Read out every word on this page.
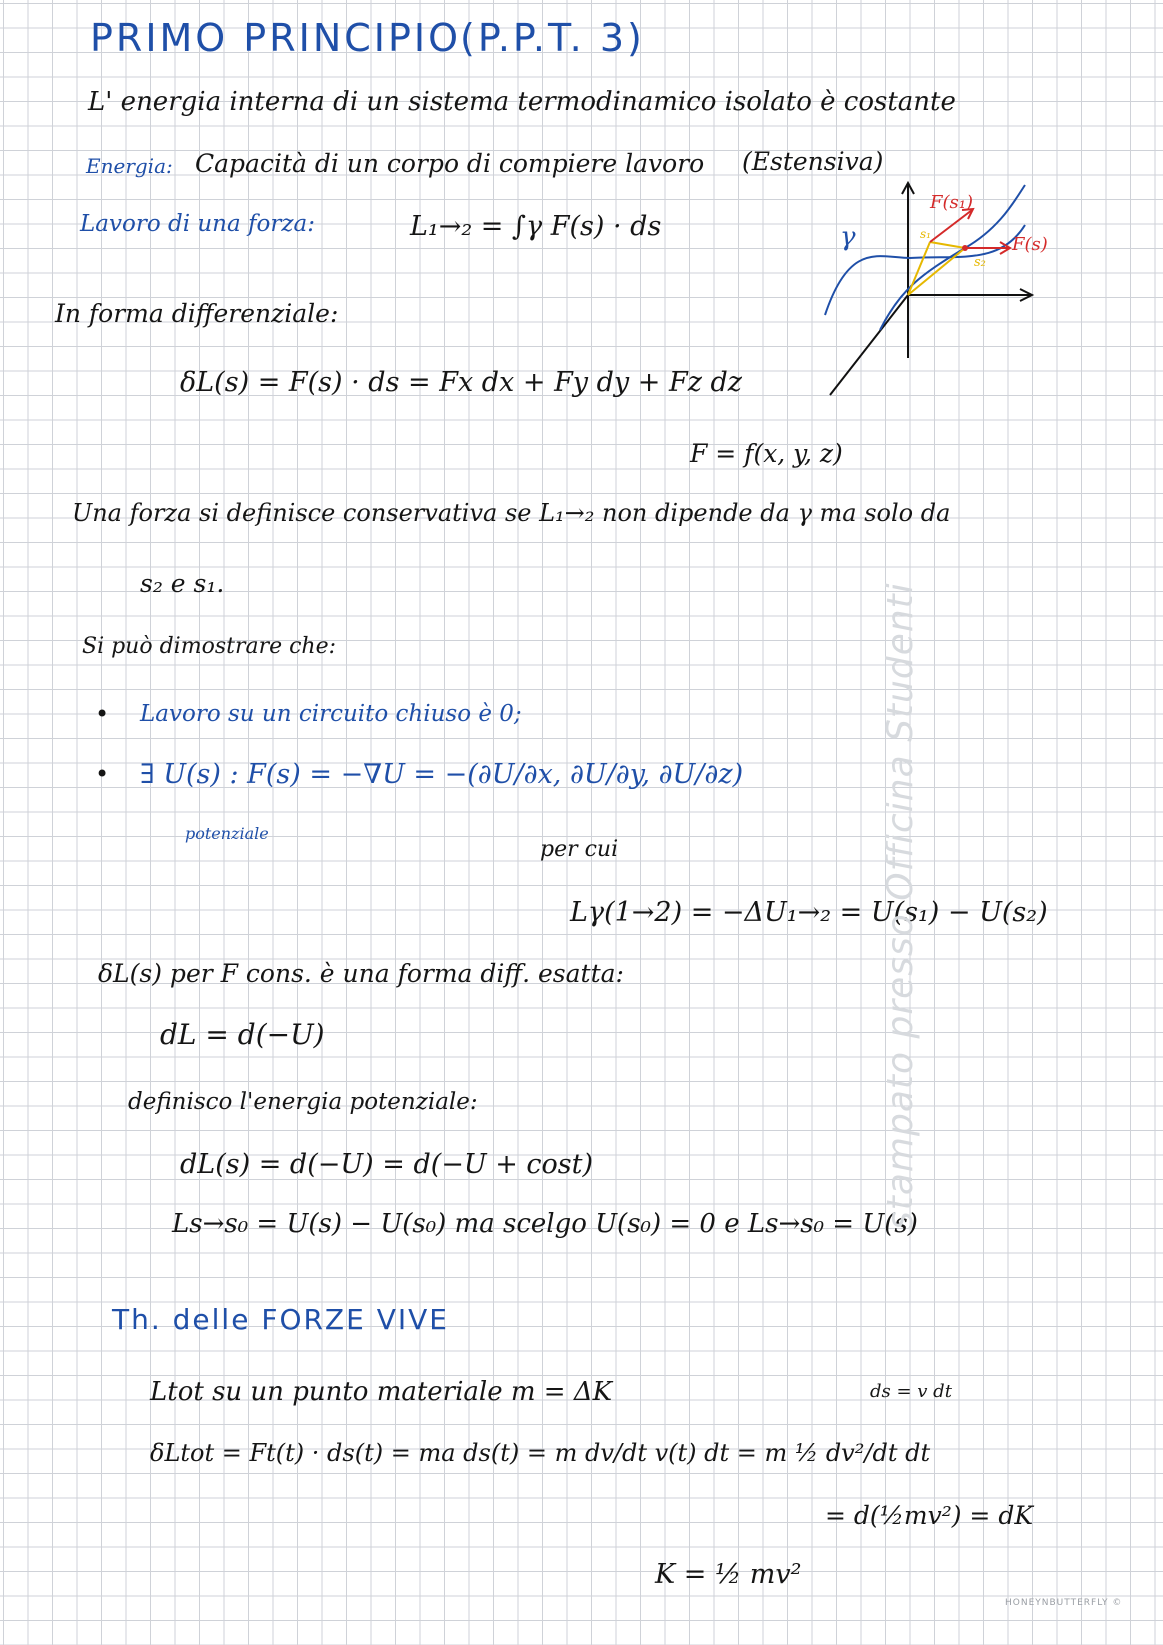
PRIMO PRINCIPIO
(P.P.T. 3)
L' energia interna di un sistema termodinamico isolato è costante
Energia: Capacità di un corpo di compiere lavoro (Estensiva)
Lavoro di una forza:	L₁→₂ = ∫γ F(s) · ds	γ
F(s₁)
F(s)
s₁
s₂
In forma differenziale:
δL(s) = F(s) · ds = Fx dx + Fy dy + Fz dz
F = f(x, y, z)
Una forza si definisce conservativa se L₁→₂ non dipende da γ ma solo da
s₂ e s₁.
Si può dimostrare che:
• Lavoro su un circuito chiuso è 0;
• ∃ U(s) : F(s) = −∇U = −(∂U/∂x, ∂U/∂y, ∂U/∂z)
potenziale
per cui
Lγ(1→2) = −ΔU₁→₂ = U(s₁) − U(s₂)
δL(s) per F cons. è una forma diff. esatta:
dL = d(−U)
definisco l'energia potenziale:
dL(s) = d(−U) = d(−U + cost)
Ls→s₀ = U(s) − U(s₀) ma scelgo U(s₀) = 0 e Ls→s₀ = U(s)
Th. delle FORZE VIVE
Ltot su un punto materiale m = ΔK	ds = v dt
δLtot = Ft(t) · ds(t) = ma ds(t) = m dv/dt v(t) dt = m ½ dv²/dt dt
= d(½mv²) = dK
K = ½ mv²
stampato presso Officina Studenti
HONEYNBUTTERFLY ©
